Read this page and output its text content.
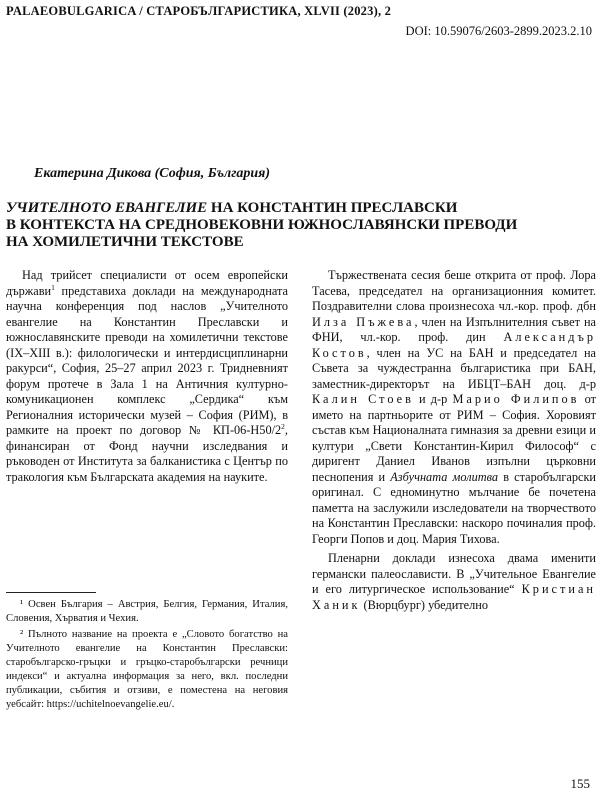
PALAEOBULGARICA / СТАРОБЪЛГАРИСТИКА, XLVII (2023), 2
DOI: 10.59076/2603-2899.2023.2.10
Екатерина Дикова (София, България)
УЧИТЕЛНОТО ЕВАНГЕЛИЕ НА КОНСТАНТИН ПРЕСЛАВСКИ
В КОНТЕКСТА НА СРЕДНОВЕКОВНИ ЮЖНОСЛАВЯНСКИ ПРЕВОДИ
НА ХОМИЛЕТИЧНИ ТЕКСТОВЕ

Над трийсет специалисти от осем европейски държави$^1$ представиха доклади на международната научна конференция под наслов „Учителното евангелие на Константин Преславски и южнославянските преводи на хомилетични текстове (IX–XIII в.): филологически и интердисциплинарни ракурси“, София, 25–27 април 2023 г. Тридневният форум протече в Зала 1 на Античния културно-комуникационен комплекс „Сердика“ към Регионалния исторически музей – София (РИМ), в рамките на проект по договор № $КП-06-Н50/2^2$, финансиран от Фонд научни изследвания и ръководен от Института за балканистика с Център по тракология към Българската академия на науките.

¹ Освен България – Австрия, Белгия, Германия, Италия, Словения, Хърватия и Чехия.

² Пълното название на проекта е „Словото богатство на Учителното евангелие на Константин Преславски: старобългарско-гръцки и гръцко-старобългарски речници индекси“ и актуална информация за него, вкл. последни публикации, събития и отзиви, е поместена на неговия уебсайт: https://uchitelnoevangelie.eu/.

Тържествената сесия беше открита от проф. Лора Тасева, председател на организационния комитет. Поздравителни слова произнесоха чл.-кор. проф. дбн Илза Пъжева, член на Изпълнителния съвет на ФНИ, чл.-кор. проф. дин Александър Костов, член на УС на БАН и председател на Съвета за чуждестранна българистика при БАН, заместник-директорът на ИБЦТ–БАН доц. д-р Калин Стоев и д-р Марио Филипов от името на партньорите от РИМ – София. Хоровият състав към Националната гимназия за древни езици и култури „Свети Константин-Кирил Философ“ с диригент Даниел Иванов изпълни църковни песнопения и Азбучната молитва в старобългарски оригинал. С едноминутно мълчание бе почетена паметта на заслужили изследователи на творчеството на Константин Преславски: наскоро починалия проф. Георги Попов и доц. Мария Тихова.

Пленарни доклади изнесоха двама именити германски палеослависти. В „Учительное Евангелие и его литургическое использование“ Кристиан Ханик (Вюрцбург) убедително

155
